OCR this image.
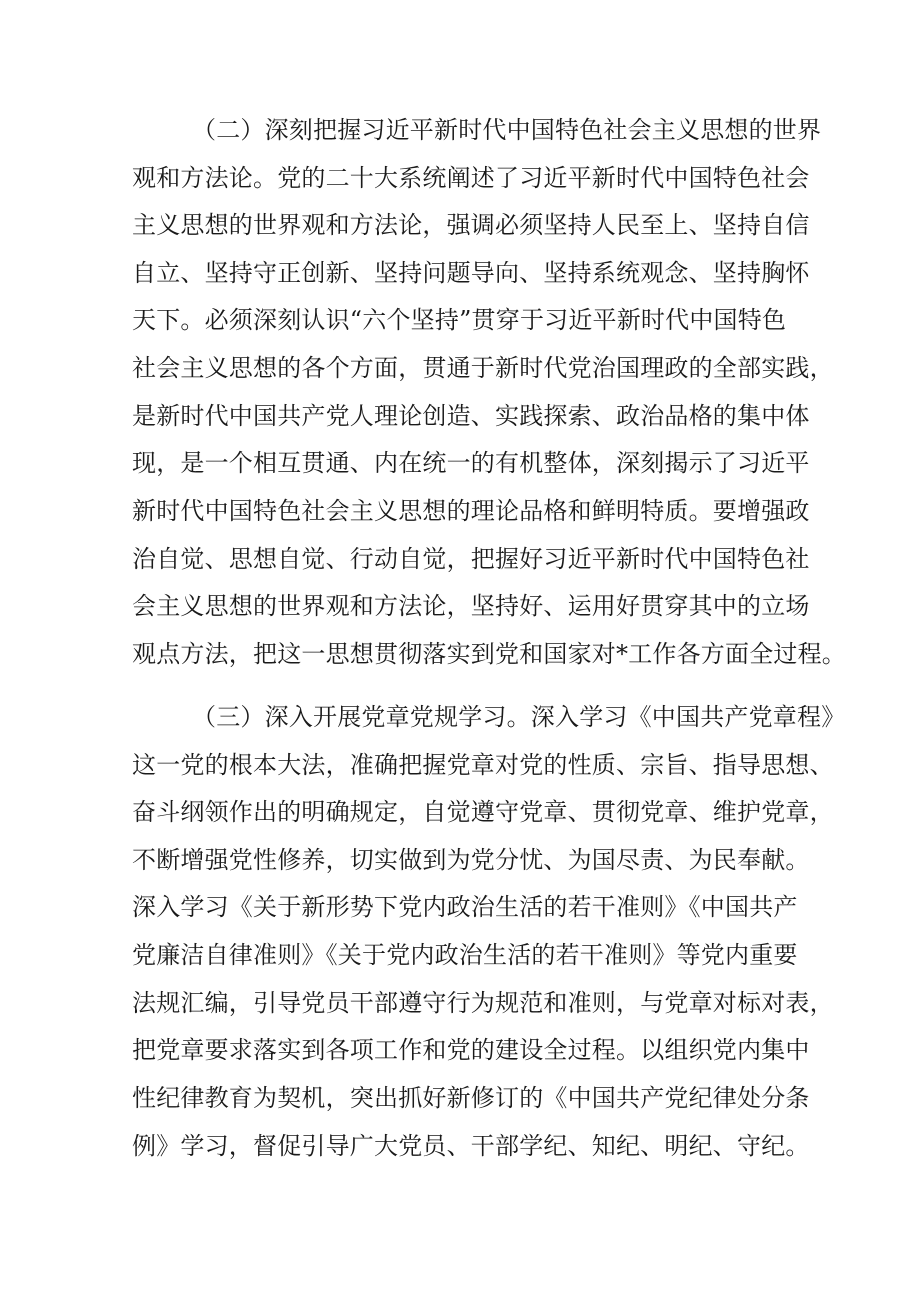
（二）深刻把握习近平新时代中国特色社会主义思想的世界
观和方法论。党的二十大系统阐述了习近平新时代中国特色社会
主义思想的世界观和方法论，强调必须坚持人民至上、坚持自信
自立、坚持守正创新、坚持问题导向、坚持系统观念、坚持胸怀
天下。必须深刻认识“六个坚持”贯穿于习近平新时代中国特色
社会主义思想的各个方面，贯通于新时代党治国理政的全部实践，
是新时代中国共产党人理论创造、实践探索、政治品格的集中体
现，是一个相互贯通、内在统一的有机整体，深刻揭示了习近平
新时代中国特色社会主义思想的理论品格和鲜明特质。要增强政
治自觉、思想自觉、行动自觉，把握好习近平新时代中国特色社
会主义思想的世界观和方法论，坚持好、运用好贯穿其中的立场
观点方法，把这一思想贯彻落实到党和国家对*工作各方面全过程。
（三）深入开展党章党规学习。深入学习《中国共产党章程》
这一党的根本大法，准确把握党章对党的性质、宗旨、指导思想、
奋斗纲领作出的明确规定，自觉遵守党章、贯彻党章、维护党章，
不断增强党性修养，切实做到为党分忧、为国尽责、为民奉献。
深入学习《关于新形势下党内政治生活的若干准则》《中国共产
党廉洁自律准则》《关于党内政治生活的若干准则》等党内重要
法规汇编，引导党员干部遵守行为规范和准则，与党章对标对表，
把党章要求落实到各项工作和党的建设全过程。以组织党内集中
性纪律教育为契机，突出抓好新修订的《中国共产党纪律处分条
例》学习，督促引导广大党员、干部学纪、知纪、明纪、守纪。
